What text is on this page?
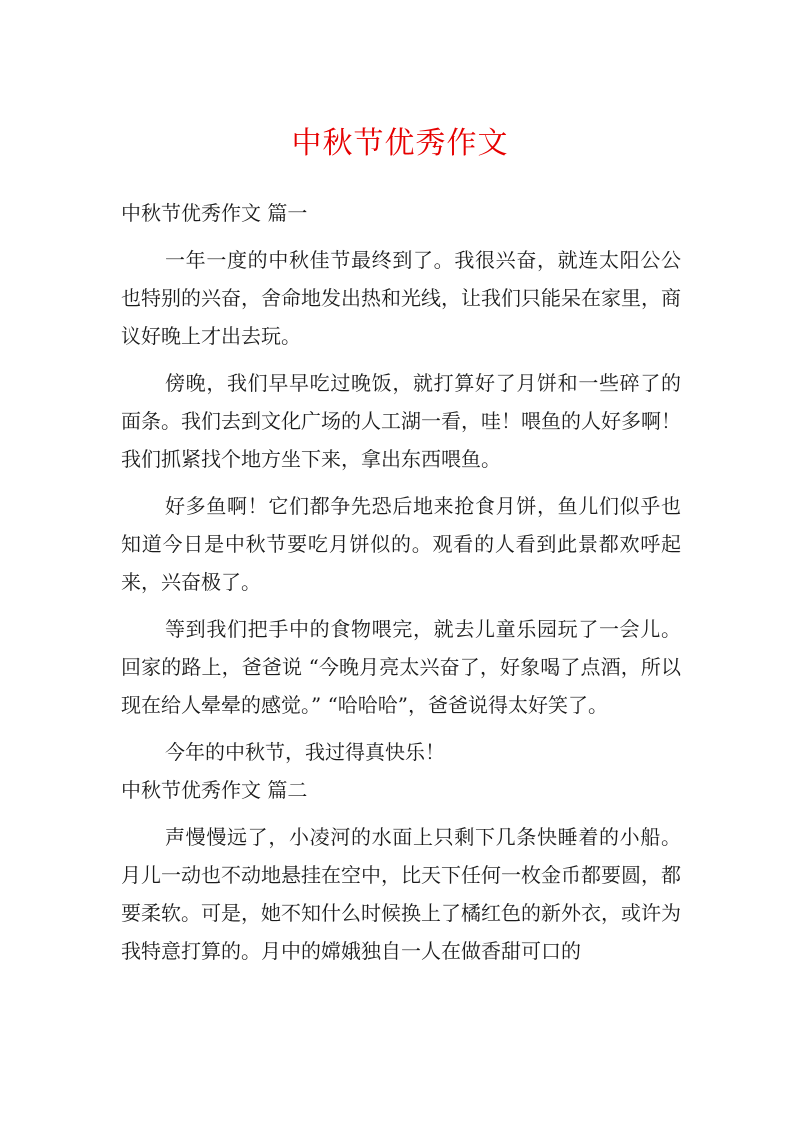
中秋节优秀作文

中秋节优秀作文 篇一

一年一度的中秋佳节最终到了。我很兴奋，就连太阳公公也特别的兴奋，舍命地发出热和光线，让我们只能呆在家里，商议好晚上才出去玩。

傍晚，我们早早吃过晚饭，就打算好了月饼和一些碎了的面条。我们去到文化广场的人工湖一看，哇！喂鱼的人好多啊！我们抓紧找个地方坐下来，拿出东西喂鱼。

好多鱼啊！它们都争先恐后地来抢食月饼，鱼儿们似乎也知道今日是中秋节要吃月饼似的。观看的人看到此景都欢呼起来，兴奋极了。

等到我们把手中的食物喂完，就去儿童乐园玩了一会儿。回家的路上，爸爸说 “今晚月亮太兴奋了，好象喝了点酒，所以现在给人晕晕的感觉。” “哈哈哈”，爸爸说得太好笑了。

今年的中秋节，我过得真快乐！

中秋节优秀作文 篇二

声慢慢远了，小凌河的水面上只剩下几条快睡着的小船。月儿一动也不动地悬挂在空中，比天下任何一枚金币都要圆，都要柔软。可是，她不知什么时候换上了橘红色的新外衣，或许为我特意打算的。月中的嫦娥独自一人在做香甜可口的
